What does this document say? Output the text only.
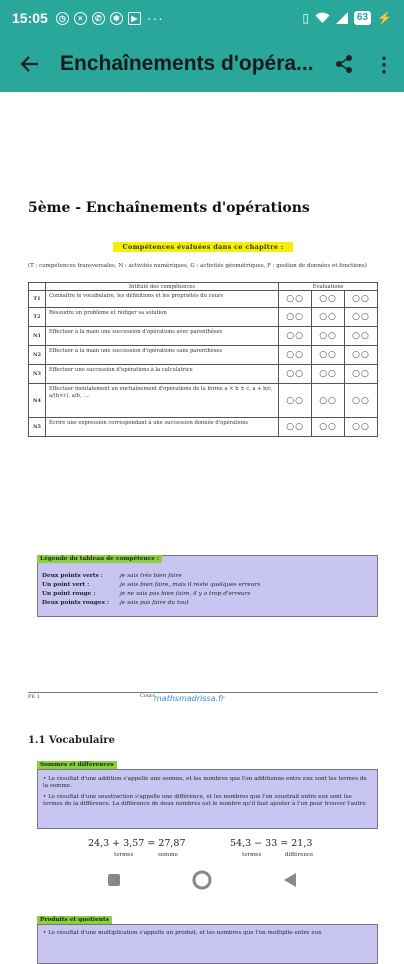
15:05	◷	×	✆	✱	▶ ···	▯	63 ⚡
Enchaînements d'opéra...	⋮
5ème - Enchaînements d'opérations
Compétences évaluées dans ce chapitre :
(T : compétences transversales, N : activités numériques, G : activités géométriques, F : gestion de données et fonctions)
	Intitulé des compétences	Evaluations		
T1	Connaître le vocabulaire, les définitions et les propriétés du cours	○○	○○	○○
T2	Résoudre un problème et rédiger sa solution	○○	○○	○○
N1	Effectuer à la main une succession d'opérations avec parenthèses	○○	○○	○○
N2	Effectuer à la main une succession d'opérations sans parenthèses	○○	○○	○○
N3	Effectuer une succession d'opérations à la calculatrice	○○	○○	○○
N4	Effectuer mentalement un enchaînement d'opérations de la forme a × b ± c, a + b/c, a/(b×c), a/b, ....	○○	○○	○○
N5	Écrire une expression correspondant à une succession donnée d'opérations	○○	○○	○○
Légende du tableau de compétence :
Deux points verts :	je sais très bien faire
Un point vert :	je sais bien faire, mais il reste quelques erreurs
Un point rouge :	je ne sais pas bien faire, il y a trop d'erreurs
Deux points rouges :	je sais pas faire du tout
PE 1	Cours
mathsmadrissa.fr
1.1 Vocabulaire
Sommes et différences
• Le résultat d'une addition s'appelle une somme, et les nombres que l'on additionne entre eux sont les termes de la somme.
• Le résultat d'une soustraction s'appelle une différence, et les nombres que l'on soustrait entre eux sont les termes de la différence. La différence de deux nombres est le nombre qu'il faut ajouter à l'un pour trouver l'autre
24,3 + 3,57 = 27,87
termes	somme
54,3 − 33 = 21,3
termes	différence
Produits et quotients
• Le résultat d'une multiplication s'appelle un produit, et les nombres que l'on multiplie entre eux
